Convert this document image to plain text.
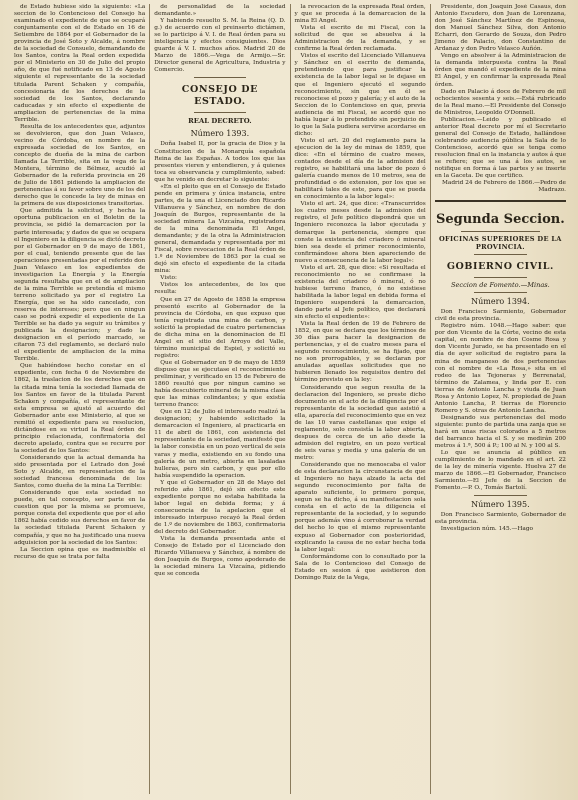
de Estado hubiese sido la siguiente: «La seccion de lo Contencioso del Consejo ha examinado el expediente de que se ocupará conjuntamente con el de Estado en 16 de Setiembre de 1864 por el Gobernador de la provincia de José Soto y Alcalde, á nombre de la sociedad de Consuelo, demandando de los Santos, contra la Real orden expedida por el Ministerio en 30 de Julio del propio año, de que fué notificado en 13 de Agosto siguiente el representante de la sociedad titulada Parent Schaken y compañía, concesionaria de los derechos de la sociedad de los Santos, declarando caducadas y sin efecto el expediente de ampliacion de pertenencias de la mina Terrible.

Resulta de los antecedentes que, adjuntos se devolvieron, que don Juan Velasco, vecino de Córdoba, en nombre de la expresada sociedad de los Santos, en concepto de dueña de la mina de carbon llamada La Terrible, sita en la vega de la Montera, término de Bélmez, acudió al Gobernador de la referida provincia en 26 de Julio de 1861 pidiendo la ampliacion de pertenencias á su favor sobre uno de los del derecho que le concede la ley de minas en la primera de sus disposiciones transitorias.

Que admitida la solicitud, y hecha la oportuna publicacion en el Boletin de la provincia, se pidió la demarcacion por la parte interesada; y dados de que se ocupara el Ingeniero en la diligencia se dictó decreto por el Gobernador en 9 de mayo de 1861, por el cual, teniendo presente que de las operaciones presentadas por el referido don Juan Velasco en los expedientes de investigacion La Energía y la Energía segunda resultaba que en el de ampliacion de la mina Terrible se pretendía el mismo terreno solicitado ya por el registro La Energía, que se ha sido cancelado, con reserva de intereses; pero que en ningun caso se podrá expedir el expediente de La Terrible se ha dado ya seguir su trámites y publicada la designacion; y dado la designacion en el período marcado, se citaron 73 del reglamento, se declaró nulo el expediente de ampliacion de la mina Terrible.

Que habiéndose hecho constar en el expediente, con fecha 6 de Noviembre de 1862, la traslacion de los derechos que en la citada mina tenía la sociedad llamada de los Santos en favor de la titulada Parent Schaken y compañía, el representante de esta empresa se ajustó al acuerdo del Gobernador ante ese Ministerio, al que se remitió el expediente para su resolucion, dictándose en su virtud la Real órden de principio relacionada, confirmatoria del decreto apelado, contra que se recurre por la sociedad de los Santos:

Considerando que la actual demanda ha sido presentada por el Letrado don José Soto y Alcalde, en representacion de la sociedad francesa denominada de los Santos, como dueña de la mina La Terrible:

Considerando que esta sociedad no puede, en tal concepto, ser parte en la cuestion que por la misma se promueve, porque consta del expediente que por el año 1862 había cedido sus derechos en favor de la sociedad titulada Parent Schaken y compañía, y que no ha justificado una nueva adquisicion por la sociedad de los Santos:

La Seccion opina que es inadmisible el recurso de que se trata por falta

de personalidad de la sociedad demandante.»

Y habiendo resuelto S. M. la Reina (Q. D. g.) de acuerdo con el preinserto dictámen, se lo participo á V. I. de Real órden para su inteligencia y efectos consiguientes. Dios guarde á V. I. muchos años. Madrid 20 de Marzo de 1866.—Vega de Armijo.—Sr. Director general de Agricultura, Industria y Comercio.

CONSEJO DE ESTADO.
REAL DECRETO.
Número 1393.

Doña Isabel II, por la gracia de Dios y la Constitucion de la Monarquía española Reina de las Españas. A todos los que las presentes vieren y entendieren, y á quienes toca su observancia y cumplimiento, sabed: que he venido en decretar lo siguiente:

«En el pleito que en el Consejo de Estado pende en primera y única instancia, entre partes, de la una el Licenciado don Ricardo Villanueva y Sánchez, en nombre de don Joaquín de Burgos, representante de la sociedad minera La Vizcaína, registradora de la mina denominada El Angel, demandante; y de la otra la Administracion general, demandada y representada por mi Fiscal, sobre revocacion de la Real órden de 1.º de Noviembre de 1863 por la cual se dejó sin efecto el expediente de la citada mina:

Visto:

Vistos los antecedentes, de los que resulta:

Que en 27 de Agosto de 1858 la empresa presentó escrito al Gobernador de la provincia de Córdoba, en que expuso que tenía registrada una mina de carbon, y solicitó la propiedad de cuatro pertenencias de dicha mina en la denominacion de El Angel en el sitio del Arroyo del Valle, término municipal de Espiel, y solicitó su registro:

Que el Gobernador en 9 de mayo de 1859 dispuso que se ejecutase el reconocimiento preliminar, y verificado en 15 de Febrero de 1860 resultó que por ningun camino se había descubierto mineral de la misma clase que las minas colindantes; y que existía terreno franco:

Que en 12 de Julio el interesado realizó la designacion; y habiendo solicitado la demarcacion el Ingeniero, al practicarla en 11 de abril de 1861, con asistencia del representante de la sociedad, manifestó que la labor consistía en un pozo vertical de seis varas y media, existiendo en su fondo una galería de un metro, abierta en lasaladas hulleras, pero sin carbon, y que por ello había suspendido la operacion.

Y que el Gobernador en 28 de Mayo del referido año 1861, dejó sin efecto este expediente porque no estaba habilitada la labor legal en debida forma; y á consecuencia de la apelacion que el interesado interpuso recayó la Real órden de 1.º de noviembre de 1863, confirmatoria del decreto del Gobernador.

Vista la demanda presentada ante el Consejo de Estado por el Licenciado don Ricardo Villanueva y Sánchez, á nombre de don Joaquín de Burgos, como apoderado de la sociedad minera La Vizcaína, pidiendo que se conceda

la revocacion de la expresada Real órden, y que se proceda á la demarcacion de la mina El Angel.

Vista el escrito de mi Fiscal, con la solicitud de que se absuelva á la Administracion de la demanda, y se confirme la Real órden reclamada.

Vistos el escrito del Licenciado Villanueva y Sánchez en el escrito de demanda, pretendiendo que para justificar la existencia de la labor legal se le dejase en que el Ingeniero ejecutó el segundo reconocimiento, sin que en él se reconociese el pozo y galería; y el auto de la Seccion de lo Contencioso en que, previa audiencia de mi Fiscal, se acordó que no había lugar á lo pretendido sin perjuicio de lo que la Sala pudiera servirse acordarse en dicho:

Visto el art. 20 del reglamento para la ejecucion de la ley de minas de 1859, que dice: «En el término de cuatro meses, contados desde el día de la admision del registro, se habilitará una labor de pozo ó galería cuando menos de 10 metros, sea de profundidad o de extension, por los que se habilitará tales de este, para que se pueda en conocimiento a la labor legal»:

Visto el art. 24, que dice: «Transcurridos los cuatro meses desde la admision del registro, el Jefe político dispondrá que un Ingeniero reconozca la labor ejecutada y demarque la pertenencia, siempre que conste la existencia del criadero ó mineral bien sea desde el primer reconocimiento, confirmándose ahora bien apareciendo de nuevo a consecuencia de la labor legal»:

Visto el art. 28, que dice: «Si resultada el reconocimiento no se confirmase la existencia del criadero ó mineral, ó no hubiese terreno franco, ó no existiese habilitada la labor legal en debida forma el Ingeniero suspenderá la demarcacion, dando parte al Jefe político, que declarará sin efecto el expediente»:

Vista la Real órden de 19 de Febrero de 1852, en que se declara que los términos de 30 días para hacer la designacion de pertenencias, y el de cuatro meses para el segundo reconocimiento, se ha fijado, que no son prorrogables, y se declaran por anuladas aquellas solicitudes que no hubieren llenado los requisitos dentro del término previsto en la ley:

Considerando que segun resulta de la declaracion del Ingeniero, se preste dicho documento en el acto de la diligencia por el representante de la sociedad que asistió a ella, aparecía del reconocimiento que en vez de las 10 varas castellanas que exige el reglamento, solo consistía la labor abierta, despues de cerca de un año desde la admision del registro, en un pozo vertical de seis varas y media y una galería de un metro:

Considerando que no menoscaba el valor de esta declaracion la circunstancia de que el Ingeniero no haya alzado la acta del segundo reconocimiento por falta de aparato suficiente, lo primero porque, segun se ha dicho, á su manifestacion sola consta en el acto de la diligencia el representante de la sociedad, y lo segundo porque además vino á corroborar la verdad del hecho lo que el mismo representante expuso al Gobernador con posterioridad, explicando la causa de no estar hecha toda la labor legal:

Conformándome con lo consultado por la Sala de lo Contencioso del Consejo de Estado en sesion á que asistieron don Domingo Ruiz de la Vega,

Presidente, don Joaquín José Casaus, don Antonio Escudero, don Juan de Lorenzana, don José Sánchez Martínez de Espinosa, don Manuel Sánchez Silva, don Antonio Echarri, don Gerardo de Souza, don Pedro Jimeno de Palacio, don Constantino de Ardanaz y don Pedro Velasco Auñón.

Vengo en absolver á la Administracion de la demanda interpuesta contra la Real órden que mandó el expediente de la mina El Angel, y en confirmar la expresada Real órden.

Dado en Palacio á doce de Febrero de mil ochocientos sesenta y seis.—Está rubricado de la Real mano.—El Presidente del Consejo de Ministros, Leopoldo O'Donnell.

Publicacion.—Leido y publicado el anterior Real decreto por mí el Secretario general del Consejo de Estado, hallándose celebrando audiencia pública la Sala de lo Contencioso, acordó que se tenga como resolucion final en la instancia y autos á que se refiere; que se una á los autos, se notifique en forma á las partes y se inserte en la Gaceta. De que certifico.

Madrid 24 de Febrero de 1866.—Pedro de Madrazo.

Segunda Seccion.
OFICINAS SUPERIORES DE LA PROVINCIA.
GOBIERNO CIVIL.
Seccion de Fomento.—Minas.
Número 1394.

Don Francisco Sarmiento, Gobernador civil de esta provincia.

Registro núm. 1048.—Hago saber: que por don Vicente de la Córte, vecino de esta capital, en nombre de don Cosme Rosa y don Vicente Jurado, se ha presentado en el día de ayer solicitud de registro para la mina de manganeso de dos pertenencias con el nombre de «La Rosa,» sita en el rodeo de las Tejoneras y Berrenatal, término de Zalamea, y linda por E. con tierras de Antonio Lancha y viuda de Juan Rosa y Antonio Lopez, N. propiedad de Juan Antonio Lancha, P. tierras de Florencio Romero y S. otras de Antonio Lancha.

Designando sus pertenencias del modo siguiente: punto de partida una zanja que se hará en unas riscas colorados a 5 metros del barranco hacia el S. y se medirán 200 metros á 1.ª, 500 á P.; 100 al N. y 100 al S.

Lo que se anuncia al público en cumplimiento de lo mandado en el art. 22 de la ley de minería vigente. Huelva 27 de marzo de 1866.—El Gobernador, Francisco Sarmiento.—El Jefe de la Seccion de Fomento.—P. O., Tomás Bartolí.

Número 1395.

Don Francisco Sarmiento, Gobernador de esta provincia.

Investigacion núm. 145.—Hago
